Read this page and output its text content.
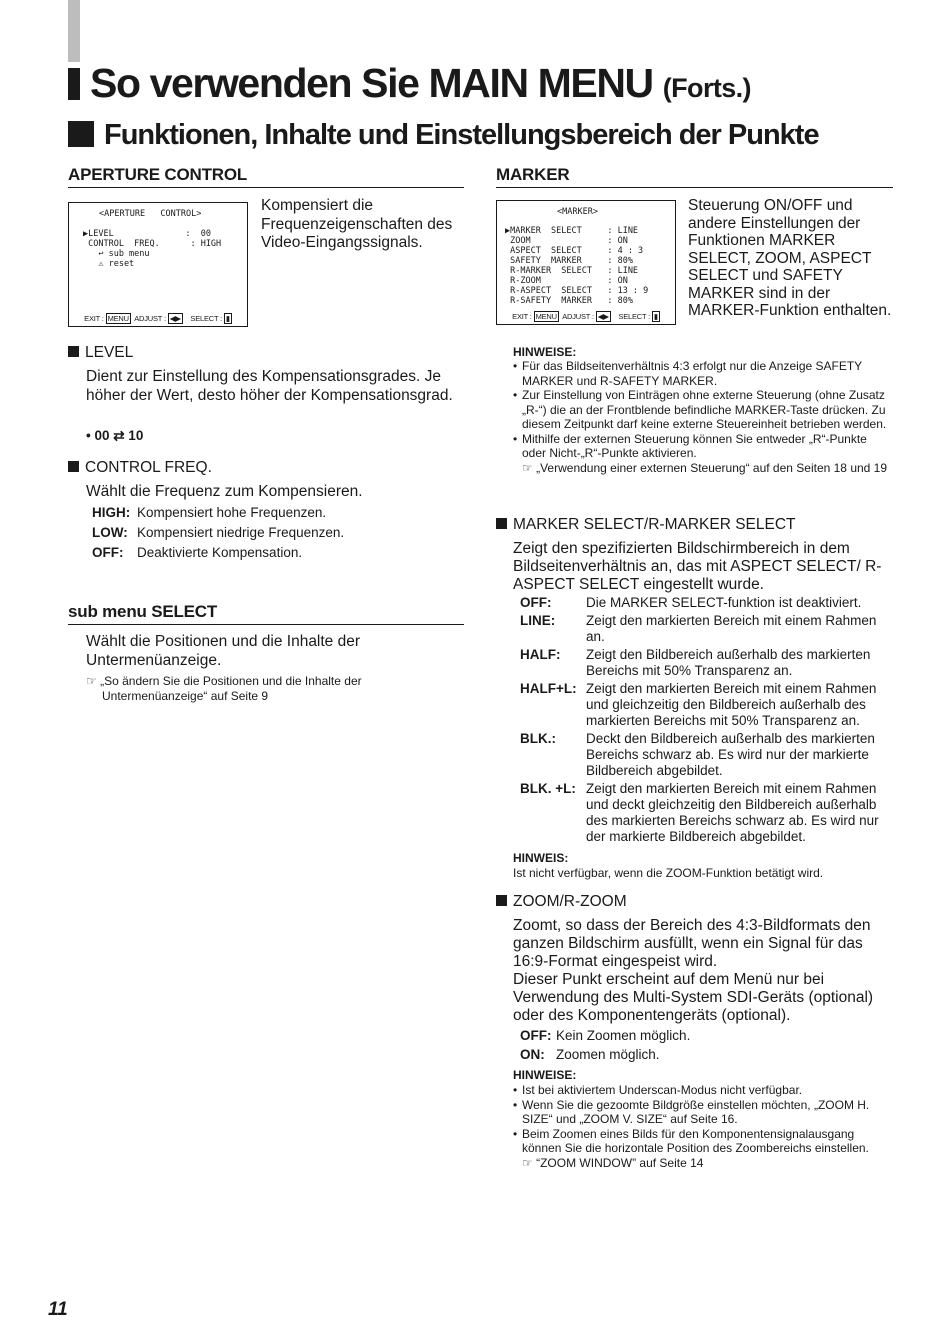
So verwenden Sie MAIN MENU (Forts.)
Funktionen, Inhalte und Einstellungsbereich der Punkte
APERTURE CONTROL
<APERTURE   CONTROL>
▶LEVEL              :  00
CONTROL  FREQ.      : HIGH
↩ sub menu
⚠ reset
EXIT : MENU ADJUST : ◀▶ SELECT : ▮
Kompensiert die Frequenzeigenschaften des Video-Eingangssignals.
LEVEL
Dient zur Einstellung des Kompensationsgrades. Je höher der Wert, desto höher der Kompensationsgrad.
• 00 ⇄ 10
CONTROL FREQ.
Wählt die Frequenz zum Kompensieren.
HIGH: Kompensiert hohe Frequenzen.
LOW: Kompensiert niedrige Frequenzen.
OFF: Deaktivierte Kompensation.
sub menu SELECT
Wählt die Positionen und die Inhalte der Untermenüanzeige.
☞ „So ändern Sie die Positionen und die Inhalte der Untermenüanzeige“ auf Seite 9
MARKER
<MARKER>
▶MARKER  SELECT     : LINE
ZOOM               : ON
ASPECT  SELECT     : 4 : 3
SAFETY  MARKER     : 80%
R-MARKER  SELECT   : LINE
R-ZOOM             : ON
R-ASPECT  SELECT   : 13 : 9
R-SAFETY  MARKER   : 80%
EXIT : MENU ADJUST : ◀▶ SELECT : ▮
Steuerung ON/OFF und andere Einstellungen der Funktionen MARKER SELECT, ZOOM, ASPECT SELECT und SAFETY MARKER sind in der MARKER-Funktion enthalten.
HINWEISE:
• Für das Bildseitenverhältnis 4:3 erfolgt nur die Anzeige SAFETY MARKER und R-SAFETY MARKER.
• Zur Einstellung von Einträgen ohne externe Steuerung (ohne Zusatz „R-“) die an der Frontblende befindliche MARKER-Taste drücken. Zu diesem Zeitpunkt darf keine externe Steuereinheit betrieben werden.
• Mithilfe der externen Steuerung können Sie entweder „R“-Punkte oder Nicht-„R“-Punkte aktivieren.
☞ „Verwendung einer externen Steuerung“ auf den Seiten 18 und 19
MARKER SELECT/R-MARKER SELECT
Zeigt den spezifizierten Bildschirmbereich in dem Bildseitenverhältnis an, das mit ASPECT SELECT/ R-ASPECT SELECT eingestellt wurde.
OFF:	Die MARKER SELECT-funktion ist deaktiviert.
LINE: Zeigt den markierten Bereich mit einem Rahmen an.
HALF: Zeigt den Bildbereich außerhalb des markierten Bereichs mit 50% Transparenz an.
HALF+L: Zeigt den markierten Bereich mit einem Rahmen und gleichzeitig den Bildbereich außerhalb des markierten Bereichs mit 50% Transparenz an.
BLK.: Deckt den Bildbereich außerhalb des markierten Bereichs schwarz ab. Es wird nur der markierte Bildbereich abgebildet.
BLK. +L: Zeigt den markierten Bereich mit einem Rahmen und deckt gleichzeitig den Bildbereich außerhalb des markierten Bereichs schwarz ab. Es wird nur der markierte Bildbereich abgebildet.
HINWEIS:
Ist nicht verfügbar, wenn die ZOOM-Funktion betätigt wird.
ZOOM/R-ZOOM
Zoomt, so dass der Bereich des 4:3-Bildformats den ganzen Bildschirm ausfüllt, wenn ein Signal für das 16:9-Format eingespeist wird.
Dieser Punkt erscheint auf dem Menü nur bei Verwendung des Multi-System SDI-Geräts (optional) oder des Komponentengeräts (optional).
OFF: Kein Zoomen möglich.
ON: Zoomen möglich.
HINWEISE:
• Ist bei aktiviertem Underscan-Modus nicht verfügbar.
• Wenn Sie die gezoomte Bildgröße einstellen möchten, „ZOOM H. SIZE“ und „ZOOM V. SIZE“ auf Seite 16.
• Beim Zoomen eines Bilds für den Komponentensignalausgang können Sie die horizontale Position des Zoombereichs einstellen.
☞ “ZOOM WINDOW” auf Seite 14
11
